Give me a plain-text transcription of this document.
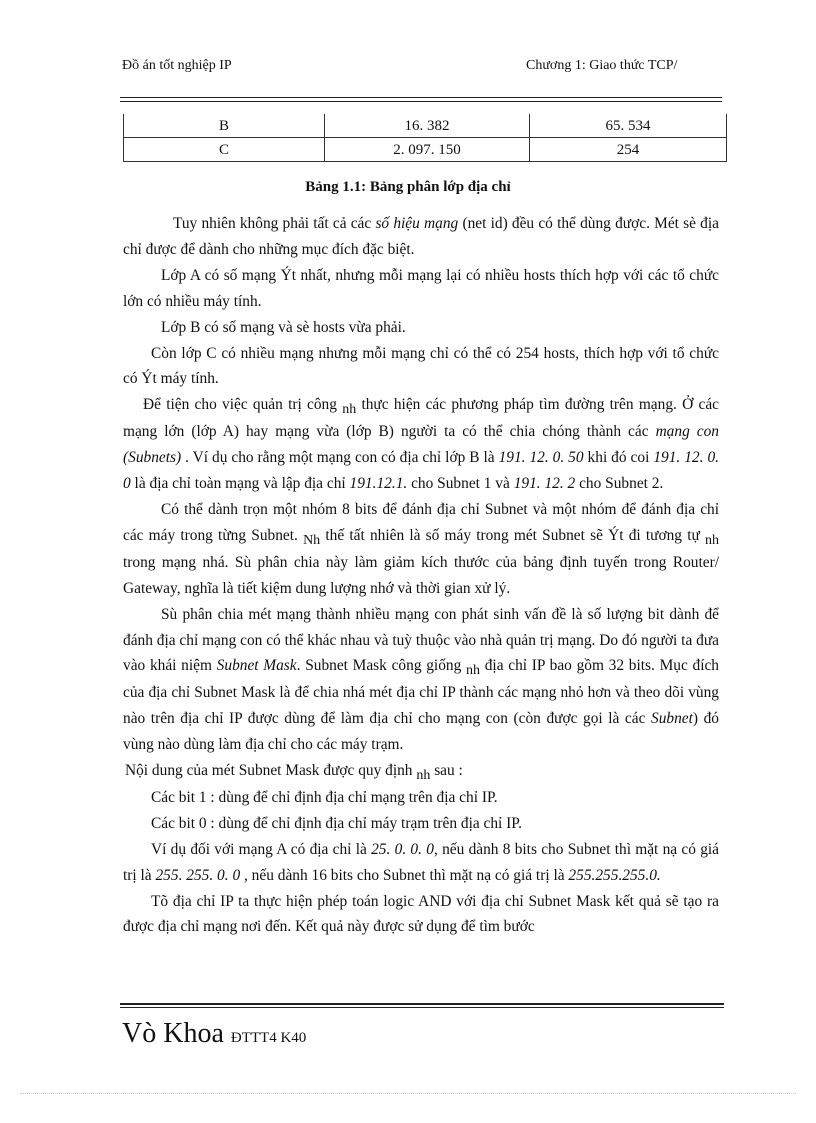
Đồ án tốt nghiệp IP	Chương 1: Giao thức TCP/
B	16. 382	65. 534
C	2. 097. 150	254
Bảng 1.1: Bảng phân lớp địa chỉ

Tuy nhiên không phải tất cả các số hiệu mạng (net id) đều có thể dùng được. Mét sè địa chỉ được để dành cho những mục đích đặc biệt.

Lớp A có số mạng Ýt nhất, nhưng mỗi mạng lại có nhiều hosts thích hợp với các tổ chức lớn có nhiều máy tính.

Lớp B có số mạng và sè hosts vừa phải.

Còn lớp C có nhiều mạng nhưng mỗi mạng chỉ có thể có 254 hosts, thích hợp với tổ chức có Ýt máy tính.

Để tiện cho việc quản trị công nh thực hiện các phương pháp tìm đường trên mạng. Ở các mạng lớn (lớp A) hay mạng vừa (lớp B) người ta có thể chia chóng thành các mạng con (Subnets) . Ví dụ cho rằng một mạng con có địa chỉ lớp B là 191. 12. 0. 50 khi đó coi 191. 12. 0. 0 là địa chỉ toàn mạng và lập địa chỉ 191.12.1. cho Subnet 1 và 191. 12. 2 cho Subnet 2.

Có thể dành trọn một nhóm 8 bits để đánh địa chỉ Subnet và một nhóm để đánh địa chỉ các máy trong từng Subnet. Nh thế tất nhiên là số máy trong mét Subnet sẽ Ýt đi tương tự nh trong mạng nhá. Sù phân chia này làm giảm kích thước của bảng định tuyến trong Router/ Gateway, nghĩa là tiết kiệm dung lượng nhớ và thời gian xử lý.

Sù phân chia mét mạng thành nhiều mạng con phát sinh vấn đề là số lượng bit dành để đánh địa chỉ mạng con có thể khác nhau và tuỳ thuộc vào nhà quản trị mạng. Do đó người ta đưa vào khái niệm Subnet Mask. Subnet Mask công giống nh địa chỉ IP bao gồm 32 bits. Mục đích của địa chỉ Subnet Mask là để chia nhá mét địa chỉ IP thành các mạng nhỏ hơn và theo dõi vùng nào trên địa chỉ IP được dùng để làm địa chỉ cho mạng con (còn được gọi là các Subnet) đó vùng nào dùng làm địa chỉ cho các máy trạm.

Nội dung của mét Subnet Mask được quy định nh sau :

Các bit 1 : dùng để chỉ định địa chỉ mạng trên địa chỉ IP.

Các bit 0 : dùng để chỉ định địa chỉ máy trạm trên địa chỉ IP.

Ví dụ đối với mạng A có địa chỉ là 25. 0. 0. 0, nếu dành 8 bits cho Subnet thì mặt nạ có giá trị là 255. 255. 0. 0 , nếu dành 16 bits cho Subnet thì mặt nạ có giá trị là 255.255.255.0.

Tõ địa chỉ IP ta thực hiện phép toán logic AND với địa chỉ Subnet Mask kết quả sẽ tạo ra được địa chỉ mạng nơi đến. Kết quả này được sử dụng để tìm bước

Vò Khoa ĐTTT4 K40
